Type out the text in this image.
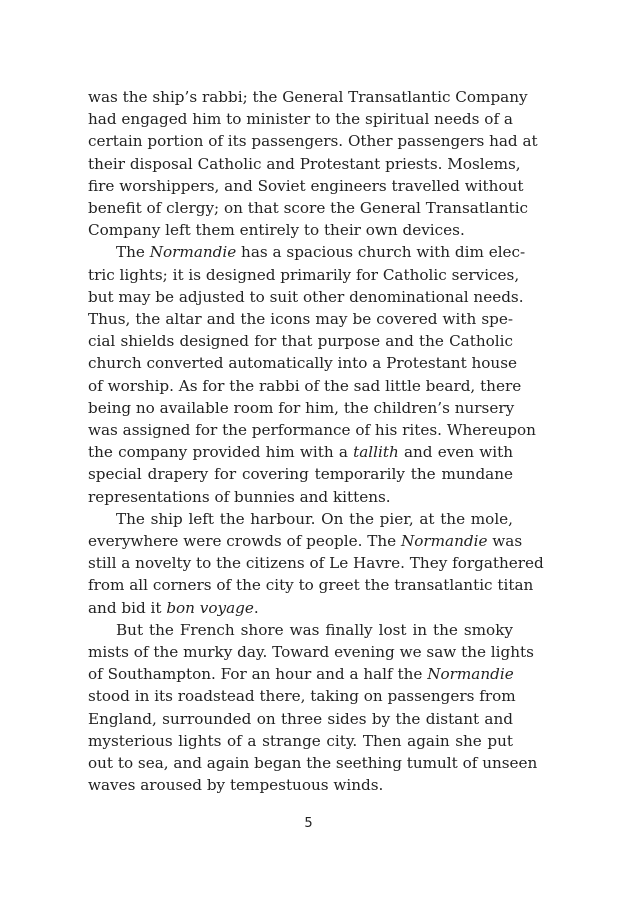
was the ship’s rabbi; the General Transatlantic Company
had engaged him to minister to the spiritual needs of a
certain portion of its passengers. Other passengers had at
their disposal Catholic and Protestant priests. Moslems,
fire worshippers, and Soviet engineers travelled without
benefit of clergy; on that score the General Transatlantic
Company left them entirely to their own devices.
The Normandie has a spacious church with dim elec-
tric lights; it is designed primarily for Catholic services,
but may be adjusted to suit other denominational needs.
Thus, the altar and the icons may be covered with spe-
cial shields designed for that purpose and the Catholic
church converted automatically into a Protestant house
of worship. As for the rabbi of the sad little beard, there
being no available room for him, the children’s nursery
was assigned for the performance of his rites. Whereupon
the company provided him with a tallith and even with
special drapery for covering temporarily the mundane
representations of bunnies and kittens.
The ship left the harbour. On the pier, at the mole,
everywhere were crowds of people. The Normandie was
still a novelty to the citizens of Le Havre. They forgathered
from all corners of the city to greet the transatlantic titan
and bid it bon voyage.
But the French shore was finally lost in the smoky
mists of the murky day. Toward evening we saw the lights
of Southampton. For an hour and a half the Normandie
stood in its roadstead there, taking on passengers from
England, surrounded on three sides by the distant and
mysterious lights of a strange city. Then again she put
out to sea, and again began the seething tumult of unseen
waves aroused by tempestuous winds.
5
